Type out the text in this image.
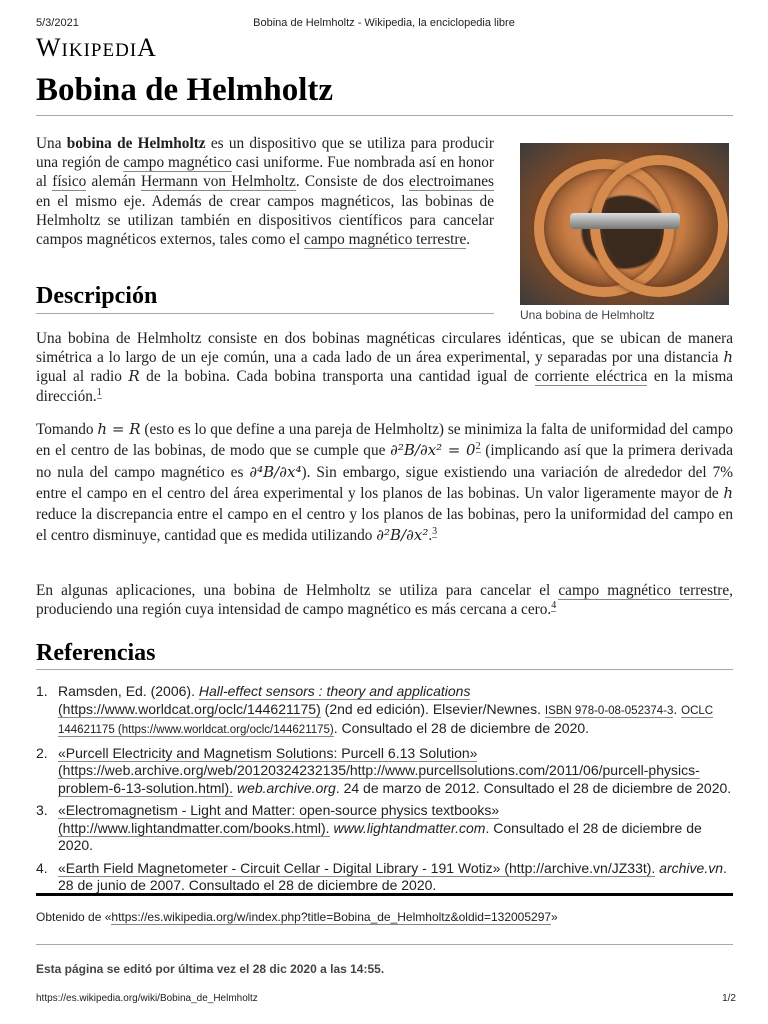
5/3/2021	Bobina de Helmholtz - Wikipedia, la enciclopedia libre
WIKIPEDIA
Bobina de Helmholtz

Una bobina de Helmholtz es un dispositivo que se utiliza para producir una región de campo magnético casi uniforme. Fue nombrada así en honor al físico alemán Hermann von Helmholtz. Consiste de dos electroimanes en el mismo eje. Además de crear campos magnéticos, las bobinas de Helmholtz se utilizan también en dispositivos científicos para cancelar campos magnéticos externos, tales como el campo magnético terrestre.

Una bobina de Helmholtz
Descripción

Una bobina de Helmholtz consiste en dos bobinas magnéticas circulares idénticas, que se ubican de manera simétrica a lo largo de un eje común, una a cada lado de un área experimental, y separadas por una distancia h igual al radio R de la bobina. Cada bobina transporta una cantidad igual de corriente eléctrica en la misma dirección.$^1$

Tomando h = R (esto es lo que define a una pareja de Helmholtz) se minimiza la falta de uniformidad del campo en el centro de las bobinas, de modo que se cumple que $\partial^2B/\partial x^2 = 0^2$ (implicando así que la primera derivada no nula del campo magnético es ∂⁴B/∂x⁴). Sin embargo, sigue existiendo una variación de alrededor del 7% entre el campo en el centro del área experimental y los planos de las bobinas. Un valor ligeramente mayor de h reduce la discrepancia entre el campo en el centro y los planos de las bobinas, pero la uniformidad del campo en el centro disminuye, cantidad que es medida utilizando ∂²B/∂x².$^3$

En algunas aplicaciones, una bobina de Helmholtz se utiliza para cancelar el campo magnético terrestre, produciendo una región cuya intensidad de campo magnético es más cercana a cero.$^4$

Referencias
1. Ramsden, Ed. (2006). Hall-effect sensors : theory and applications (https://www.worldcat.org/oclc/144621175) (2nd ed edición). Elsevier/Newnes. ISBN 978-0-08-052374-3. OCLC 144621175 (https://www.worldcat.org/oclc/144621175). Consultado el 28 de diciembre de 2020.
2. «Purcell Electricity and Magnetism Solutions: Purcell 6.13 Solution» (https://web.archive.org/web/20120324232135/http://www.purcellsolutions.com/2011/06/purcell-physics-problem-6-13-solution.html). web.archive.org. 24 de marzo de 2012. Consultado el 28 de diciembre de 2020.
3. «Electromagnetism - Light and Matter: open-source physics textbooks» (http://www.lightandmatter.com/books.html). www.lightandmatter.com. Consultado el 28 de diciembre de 2020.
4. «Earth Field Magnetometer - Circuit Cellar - Digital Library - 191 Wotiz» (http://archive.vn/JZ33t). archive.vn. 28 de junio de 2007. Consultado el 28 de diciembre de 2020.
Obtenido de «https://es.wikipedia.org/w/index.php?title=Bobina_de_Helmholtz&oldid=132005297»
Esta página se editó por última vez el 28 dic 2020 a las 14:55.
https://es.wikipedia.org/wiki/Bobina_de_Helmholtz	1/2
